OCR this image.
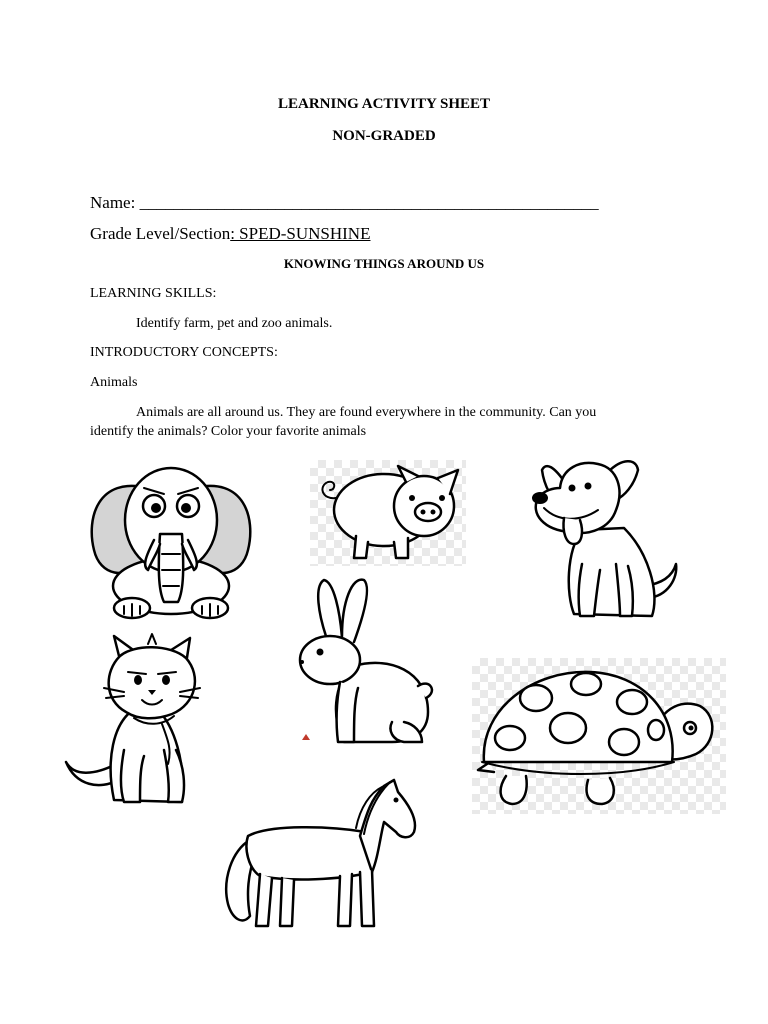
LEARNING ACTIVITY SHEET
NON-GRADED
Name: ______________________________________________________
Grade Level/Section: SPED-SUNSHINE
KNOWING THINGS AROUND US
LEARNING SKILLS:
Identify farm, pet and zoo animals.
INTRODUCTORY CONCEPTS:
Animals
Animals are all around us. They are found everywhere in the community. Can you
identify the animals? Color your favorite animals
